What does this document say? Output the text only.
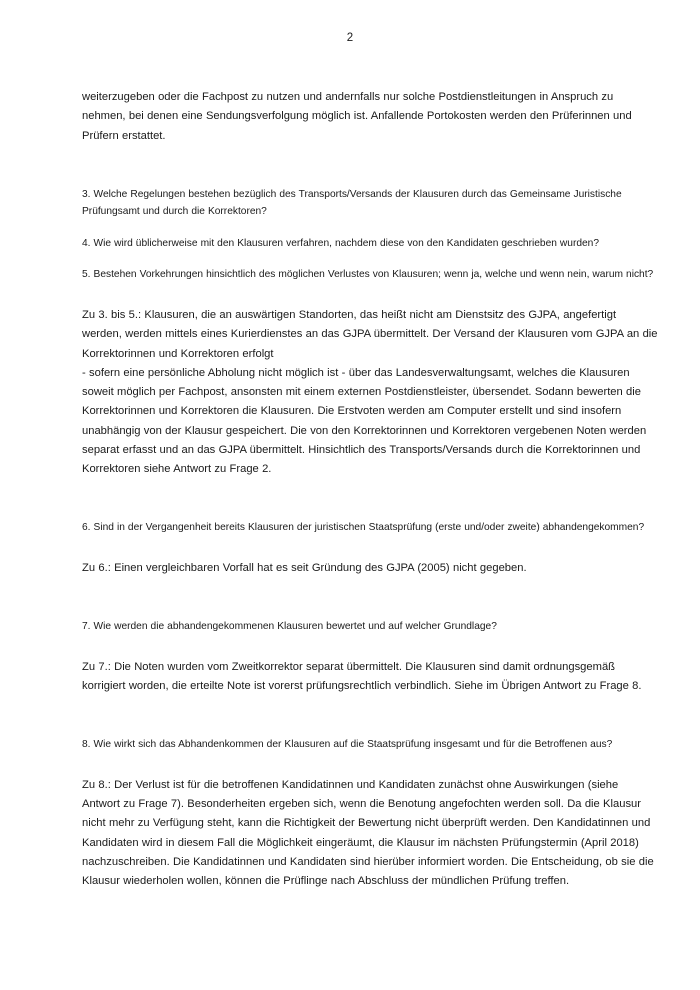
2

weiterzugeben oder die Fachpost zu nutzen und andernfalls nur solche Postdienstleitungen in Anspruch zu nehmen, bei denen eine Sendungsverfolgung möglich ist. Anfallende Portokosten werden den Prüferinnen und Prüfern erstattet.

3. Welche Regelungen bestehen bezüglich des Transports/Versands der Klausuren durch das Gemeinsame Juristische Prüfungsamt und durch die Korrektoren?

4. Wie wird üblicherweise mit den Klausuren verfahren, nachdem diese von den Kandidaten geschrieben wurden?

5. Bestehen Vorkehrungen hinsichtlich des möglichen Verlustes von Klausuren; wenn ja, welche und wenn nein, warum nicht?

Zu 3. bis 5.: Klausuren, die an auswärtigen Standorten, das heißt nicht am Dienstsitz des GJPA, angefertigt werden, werden mittels eines Kurierdienstes an das GJPA übermittelt. Der Versand der Klausuren vom GJPA an die Korrektorinnen und Korrektoren erfolgt

- sofern eine persönliche Abholung nicht möglich ist - über das Landesverwaltungsamt, welches die Klausuren soweit möglich per Fachpost, ansonsten mit einem externen Postdienstleister, übersendet. Sodann bewerten die Korrektorinnen und Korrektoren die Klausuren. Die Erstvoten werden am Computer erstellt und sind insofern unabhängig von der Klausur gespeichert. Die von den Korrektorinnen und Korrektoren vergebenen Noten werden separat erfasst und an das GJPA übermittelt. Hinsichtlich des Transports/Versands durch die Korrektorinnen und Korrektoren siehe Antwort zu Frage 2.

6. Sind in der Vergangenheit bereits Klausuren der juristischen Staatsprüfung (erste und/oder zweite) abhandengekommen?

Zu 6.: Einen vergleichbaren Vorfall hat es seit Gründung des GJPA (2005) nicht gegeben.

7. Wie werden die abhandengekommenen Klausuren bewertet und auf welcher Grundlage?

Zu 7.: Die Noten wurden vom Zweitkorrektor separat übermittelt. Die Klausuren sind damit ordnungsgemäß korrigiert worden, die erteilte Note ist vorerst prüfungsrechtlich verbindlich. Siehe im Übrigen Antwort zu Frage 8.

8. Wie wirkt sich das Abhandenkommen der Klausuren auf die Staatsprüfung insgesamt und für die Betroffenen aus?

Zu 8.: Der Verlust ist für die betroffenen Kandidatinnen und Kandidaten zunächst ohne Auswirkungen (siehe Antwort zu Frage 7). Besonderheiten ergeben sich, wenn die Benotung angefochten werden soll. Da die Klausur nicht mehr zu Verfügung steht, kann die Richtigkeit der Bewertung nicht überprüft werden. Den Kandidatinnen und Kandidaten wird in diesem Fall die Möglichkeit eingeräumt, die Klausur im nächsten Prüfungstermin (April 2018) nachzuschreiben. Die Kandidatinnen und Kandidaten sind hierüber informiert worden. Die Entscheidung, ob sie die Klausur wiederholen wollen, können die Prüflinge nach Abschluss der mündlichen Prüfung treffen.
